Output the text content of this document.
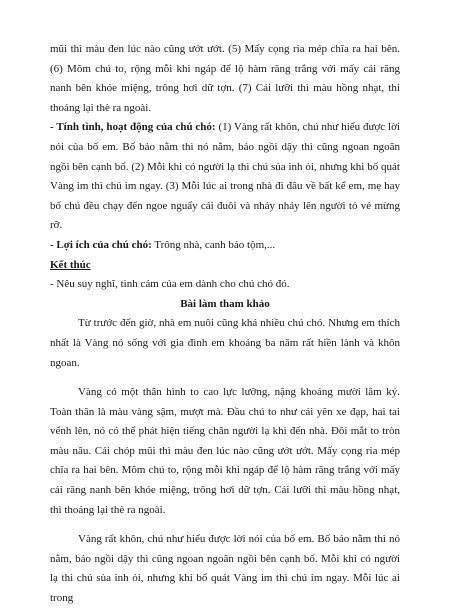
mũi thì màu đen lúc nào cũng ướt ướt. (5) Mấy cọng ria mép chĩa ra hai bên. (6) Mõm chú to, rộng mỗi khi ngáp để lộ hàm răng trắng với mấy cái răng nanh bên khóe miệng, trông hơi dữ tợn. (7) Cái lưỡi thì màu hồng nhạt, thi thoảng lại thè ra ngoài.

- Tính tình, hoạt động của chú chó: (1) Vàng rất khôn, chú như hiểu được lời nói của bố em. Bố bảo nằm thì nó nằm, bảo ngồi dậy thì cũng ngoan ngoãn ngồi bên cạnh bố. (2) Mỗi khi có người lạ thì chú sủa inh ỏi, nhưng khi bố quát Vàng im thì chú im ngay. (3) Mỗi lúc ai trong nhà đi đâu về bất kể em, mẹ hay bố chú đều chạy đến ngoe nguẩy cái đuôi và nhảy nhảy lên người tỏ vẻ mừng rỡ.

- Lợi ích của chú chó: Trông nhà, canh bảo tộm,...

Kết thúc

- Nêu suy nghĩ, tình cảm của em dành cho chú chó đó.

Bài làm tham khảo

Từ trước đến giờ, nhà em nuôi cũng khá nhiều chú chó. Nhưng em thích nhất là Vàng nó sống với gia đình em khoảng ba năm rất hiền lành và khôn ngoan.

Vàng có một thân hình to cao lực lưỡng, nặng khoảng mười lăm ký. Toàn thân là màu vàng sậm, mượt mà. Đầu chú to như cái yên xe đạp, hai tai vểnh lên, nó có thể phát hiện tiếng chân người lạ khi đến nhà. Đôi mắt to tròn màu nâu. Cái chóp mũi thì màu đen lúc nào cũng ướt ướt. Mấy cọng ria mép chĩa ra hai bên. Mõm chú to, rộng mỗi khi ngáp để lộ hàm răng trắng với mấy cái răng nanh bên khóe miệng, trông hơi dữ tợn. Cái lưỡi thì màu hồng nhạt, thi thoảng lại thè ra ngoài.

Vàng rất khôn, chú như hiểu được lời nói của bố em. Bố bảo nằm thì nó nằm, bảo ngồi dậy thì cũng ngoan ngoãn ngồi bên cạnh bố. Mỗi khi có người lạ thì chú sủa inh ỏi, nhưng khi bố quát Vàng im thì chú im ngay. Mỗi lúc ai trong
